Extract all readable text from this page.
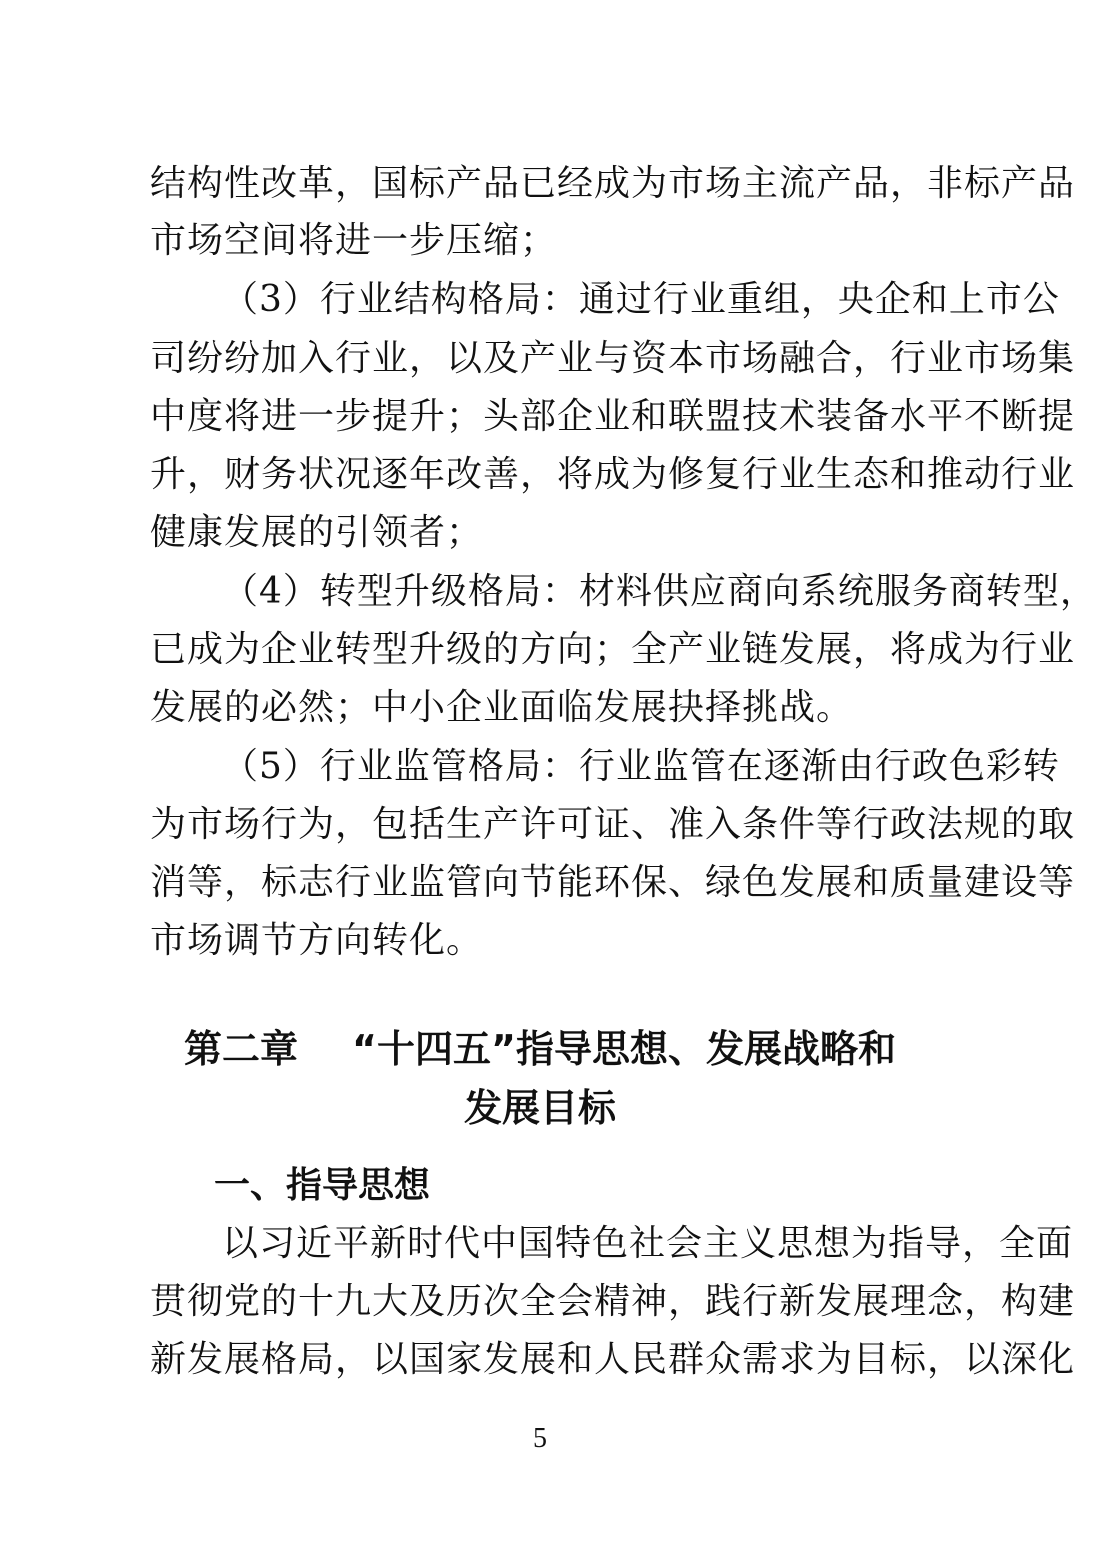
结构性改革，国标产品已经成为市场主流产品，非标产品
市场空间将进一步压缩；
（3）行业结构格局：通过行业重组，央企和上市公
司纷纷加入行业，以及产业与资本市场融合，行业市场集
中度将进一步提升；头部企业和联盟技术装备水平不断提
升，财务状况逐年改善，将成为修复行业生态和推动行业
健康发展的引领者；
（4）转型升级格局：材料供应商向系统服务商转型，
已成为企业转型升级的方向；全产业链发展，将成为行业
发展的必然；中小企业面临发展抉择挑战。
（5）行业监管格局：行业监管在逐渐由行政色彩转
为市场行为，包括生产许可证、准入条件等行政法规的取
消等，标志行业监管向节能环保、绿色发展和质量建设等
市场调节方向转化。
第二章 “十四五”指导思想、发展战略和
发展目标
一、指导思想
以习近平新时代中国特色社会主义思想为指导，全面
贯彻党的十九大及历次全会精神，践行新发展理念，构建
新发展格局，以国家发展和人民群众需求为目标，以深化
5
